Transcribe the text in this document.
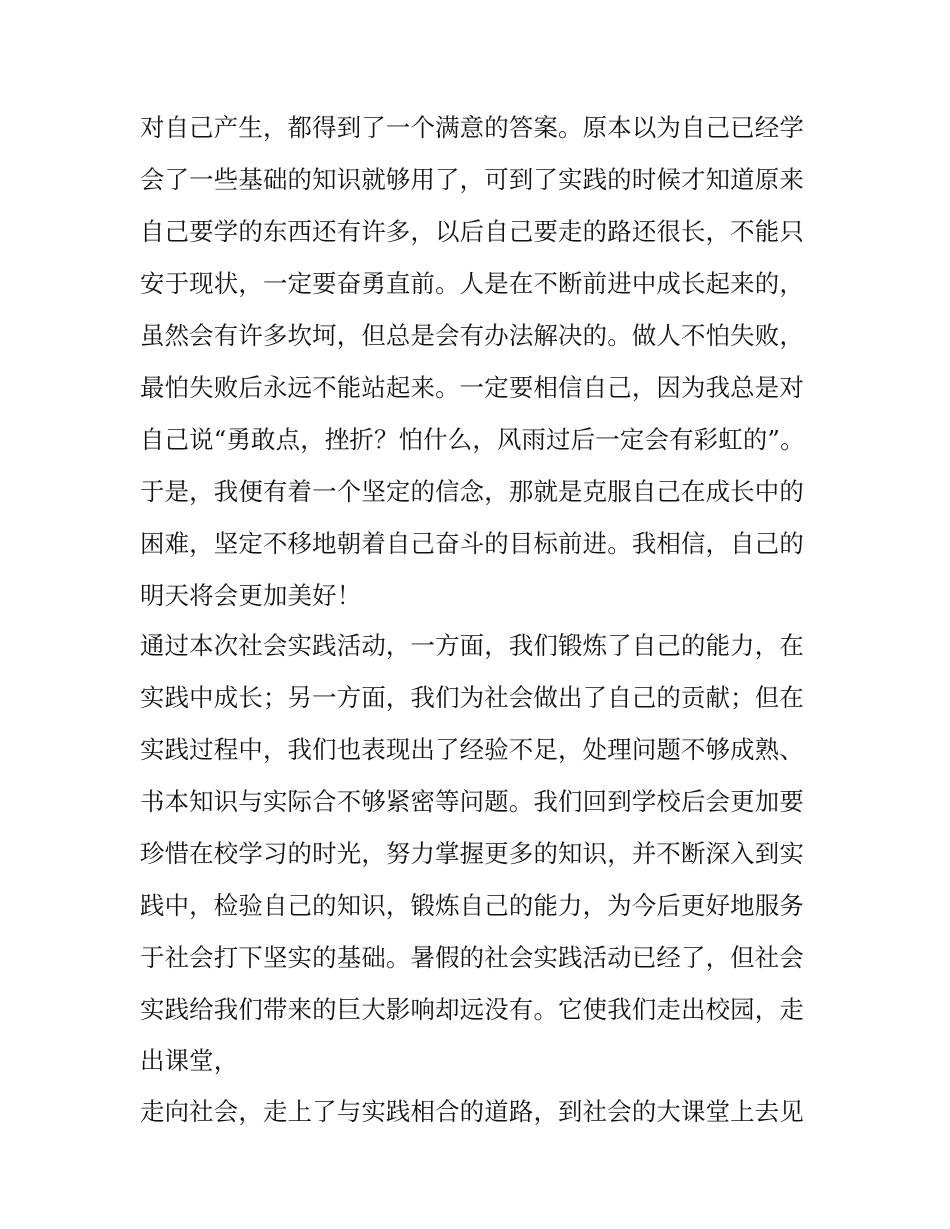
对自己产生，都得到了一个满意的答案。原本以为自己已经学
会了一些基础的知识就够用了，可到了实践的时候才知道原来
自己要学的东西还有许多，以后自己要走的路还很长，不能只
安于现状，一定要奋勇直前。人是在不断前进中成长起来的，
虽然会有许多坎坷，但总是会有办法解决的。做人不怕失败，
最怕失败后永远不能站起来。一定要相信自己，因为我总是对
自己说“勇敢点，挫折？怕什么，风雨过后一定会有彩虹的”。
于是，我便有着一个坚定的信念，那就是克服自己在成长中的
困难，坚定不移地朝着自己奋斗的目标前进。我相信，自己的
明天将会更加美好！
通过本次社会实践活动，一方面，我们锻炼了自己的能力，在
实践中成长；另一方面，我们为社会做出了自己的贡献；但在
实践过程中，我们也表现出了经验不足，处理问题不够成熟、
书本知识与实际合不够紧密等问题。我们回到学校后会更加要
珍惜在校学习的时光，努力掌握更多的知识，并不断深入到实
践中，检验自己的知识，锻炼自己的能力，为今后更好地服务
于社会打下坚实的基础。暑假的社会实践活动已经了，但社会
实践给我们带来的巨大影响却远没有。它使我们走出校园，走
出课堂，
走向社会，走上了与实践相合的道路，到社会的大课堂上去见
